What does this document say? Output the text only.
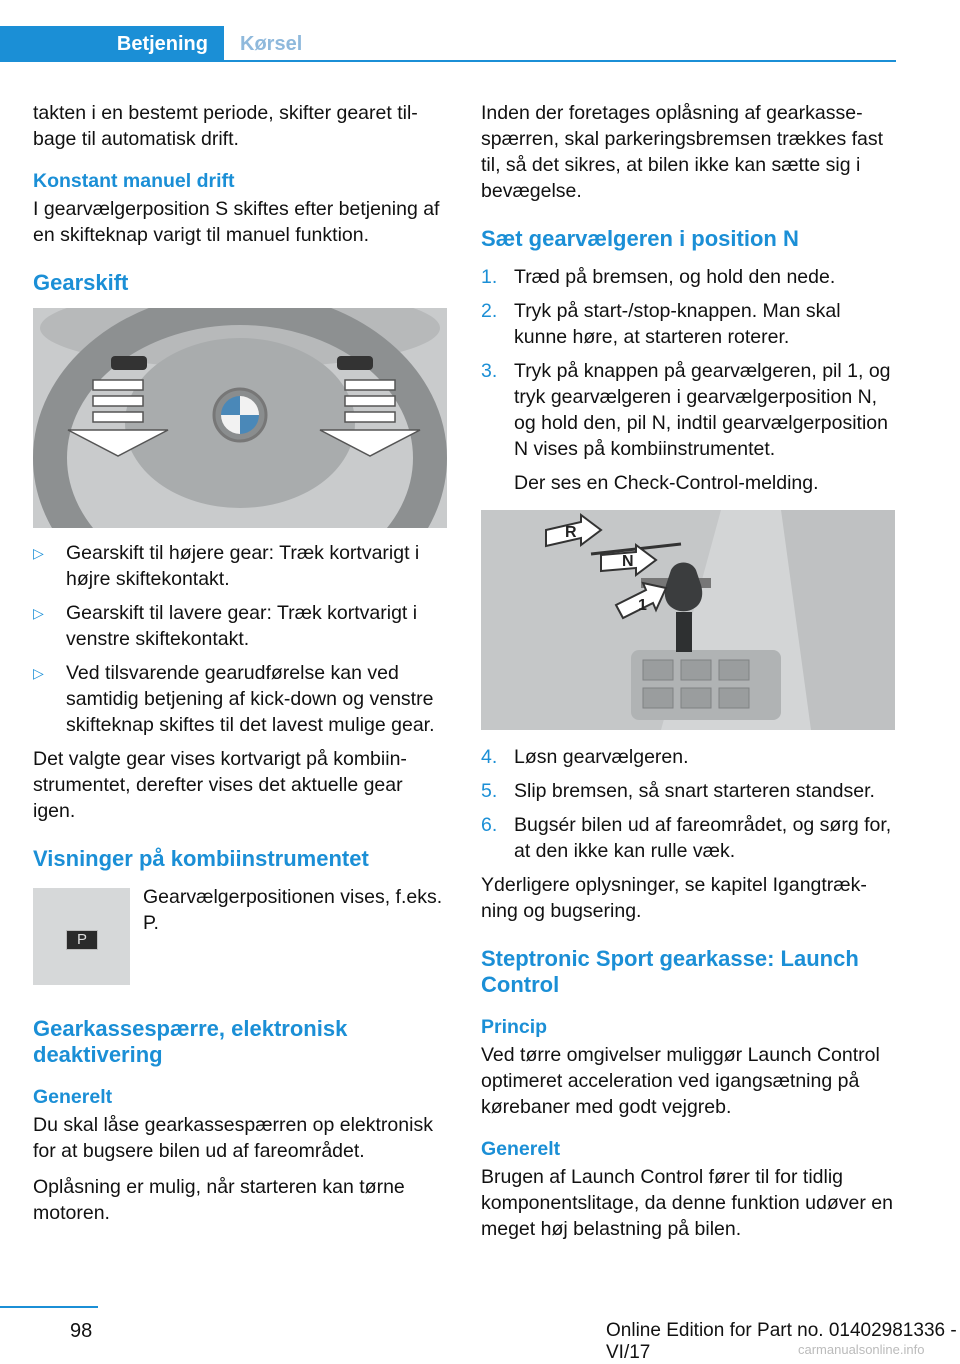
Betjening	Kørsel

takten i en bestemt periode, skifter gearet tilbage til automatisk drift.

Konstant manuel drift

I gearvælgerposition S skiftes efter betjening af en skifteknap varigt til manuel funktion.

Gearskift
▷ Gearskift til højere gear: Træk kortvarigt i højre skiftekontakt.
▷ Gearskift til lavere gear: Træk kortvarigt i venstre skiftekontakt.
▷ Ved tilsvarende gearudførelse kan ved samtidig betjening af kick-down og venstre skifteknap skiftes til det lavest mulige gear.

Det valgte gear vises kortvarigt på kombiinstrumentet, derefter vises det aktuelle gear igen.

Visninger på kombiinstrumentet
P
Gearvælgerpositionen vises, f.eks. P.
Gearkassespærre, elektronisk deaktivering
Generelt

Du skal låse gearkassespærren op elektronisk for at bugsere bilen ud af fareområdet.

Oplåsning er mulig, når starteren kan tørne motoren.

Inden der foretages oplåsning af gearkassespærren, skal parkeringsbremsen trækkes fast til, så det sikres, at bilen ikke kan sætte sig i bevægelse.

Sæt gearvælgeren i position N
1. Træd på bremsen, og hold den nede.
2. Tryk på start-/stop-knappen. Man skal kunne høre, at starteren roterer.
3. Tryk på knappen på gearvælgeren, pil 1, og tryk gearvælgeren i gearvælgerposition N, og hold den, pil N, indtil gearvælgerposition N vises på kombiinstrumentet.

Der ses en Check-Control-melding.

R
N
1
4. Løsn gearvælgeren.
5. Slip bremsen, så snart starteren standser.
6. Bugsér bilen ud af fareområdet, og sørg for, at den ikke kan rulle væk.

Yderligere oplysninger, se kapitel Igangtrækning og bugsering.

Steptronic Sport gearkasse: Launch Control
Princip

Ved tørre omgivelser muliggør Launch Control optimeret acceleration ved igangsætning på kørebaner med godt vejgreb.

Generelt

Brugen af Launch Control fører til for tidlig komponentslitage, da denne funktion udøver en meget høj belastning på bilen.

98	Online Edition for Part no. 01402981336 - VI/17	carmanualsonline.info
